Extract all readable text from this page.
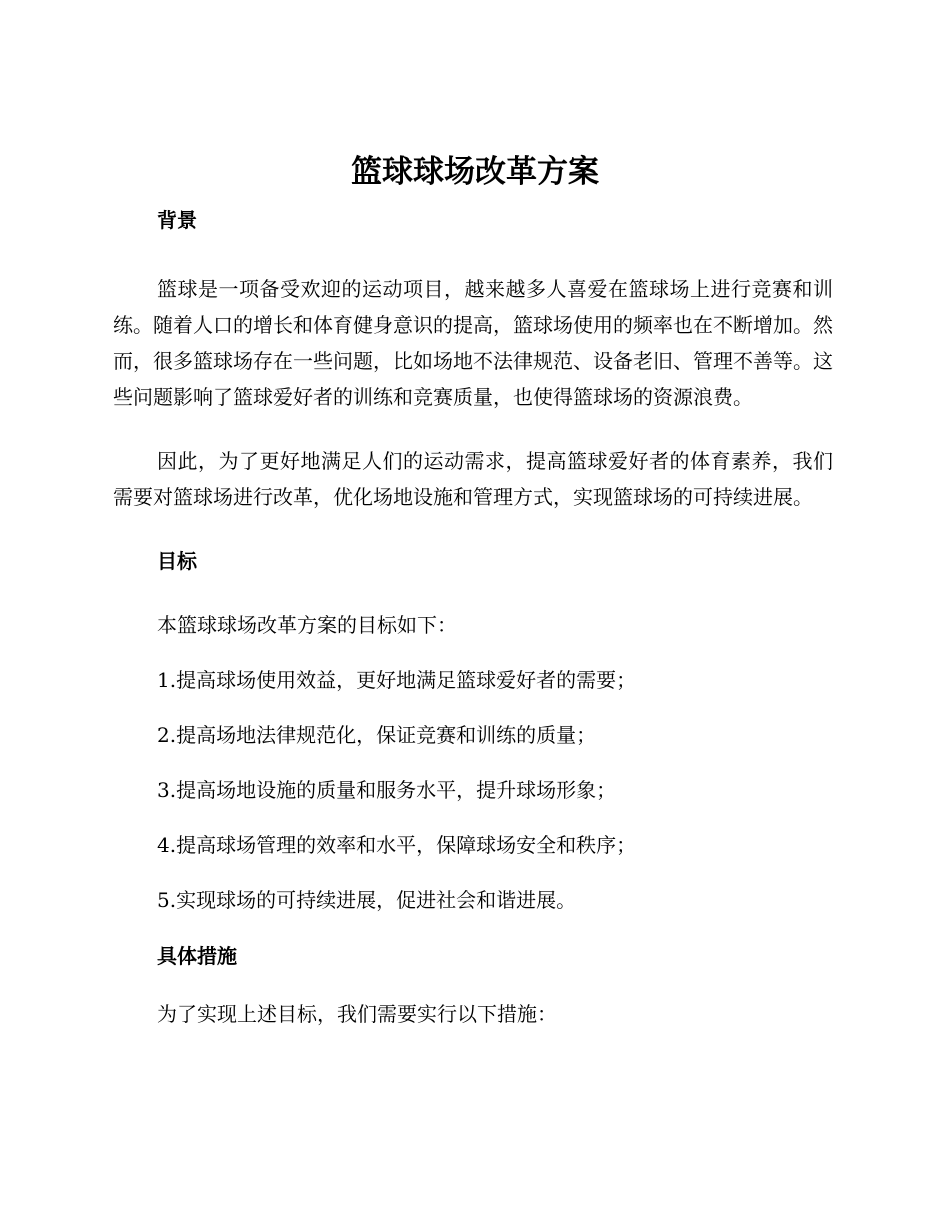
篮球球场改革方案
背景

篮球是一项备受欢迎的运动项目，越来越多人喜爱在篮球场上进行竞赛和训练。随着人口的增长和体育健身意识的提高，篮球场使用的频率也在不断增加。然而，很多篮球场存在一些问题，比如场地不法律规范、设备老旧、管理不善等。这些问题影响了篮球爱好者的训练和竞赛质量，也使得篮球场的资源浪费。

因此，为了更好地满足人们的运动需求，提高篮球爱好者的体育素养，我们需要对篮球场进行改革，优化场地设施和管理方式，实现篮球场的可持续进展。

目标

本篮球球场改革方案的目标如下：

1.提高球场使用效益，更好地满足篮球爱好者的需要；

2.提高场地法律规范化，保证竞赛和训练的质量；

3.提高场地设施的质量和服务水平，提升球场形象；

4.提高球场管理的效率和水平，保障球场安全和秩序；

5.实现球场的可持续进展，促进社会和谐进展。

具体措施

为了实现上述目标，我们需要实行以下措施：
